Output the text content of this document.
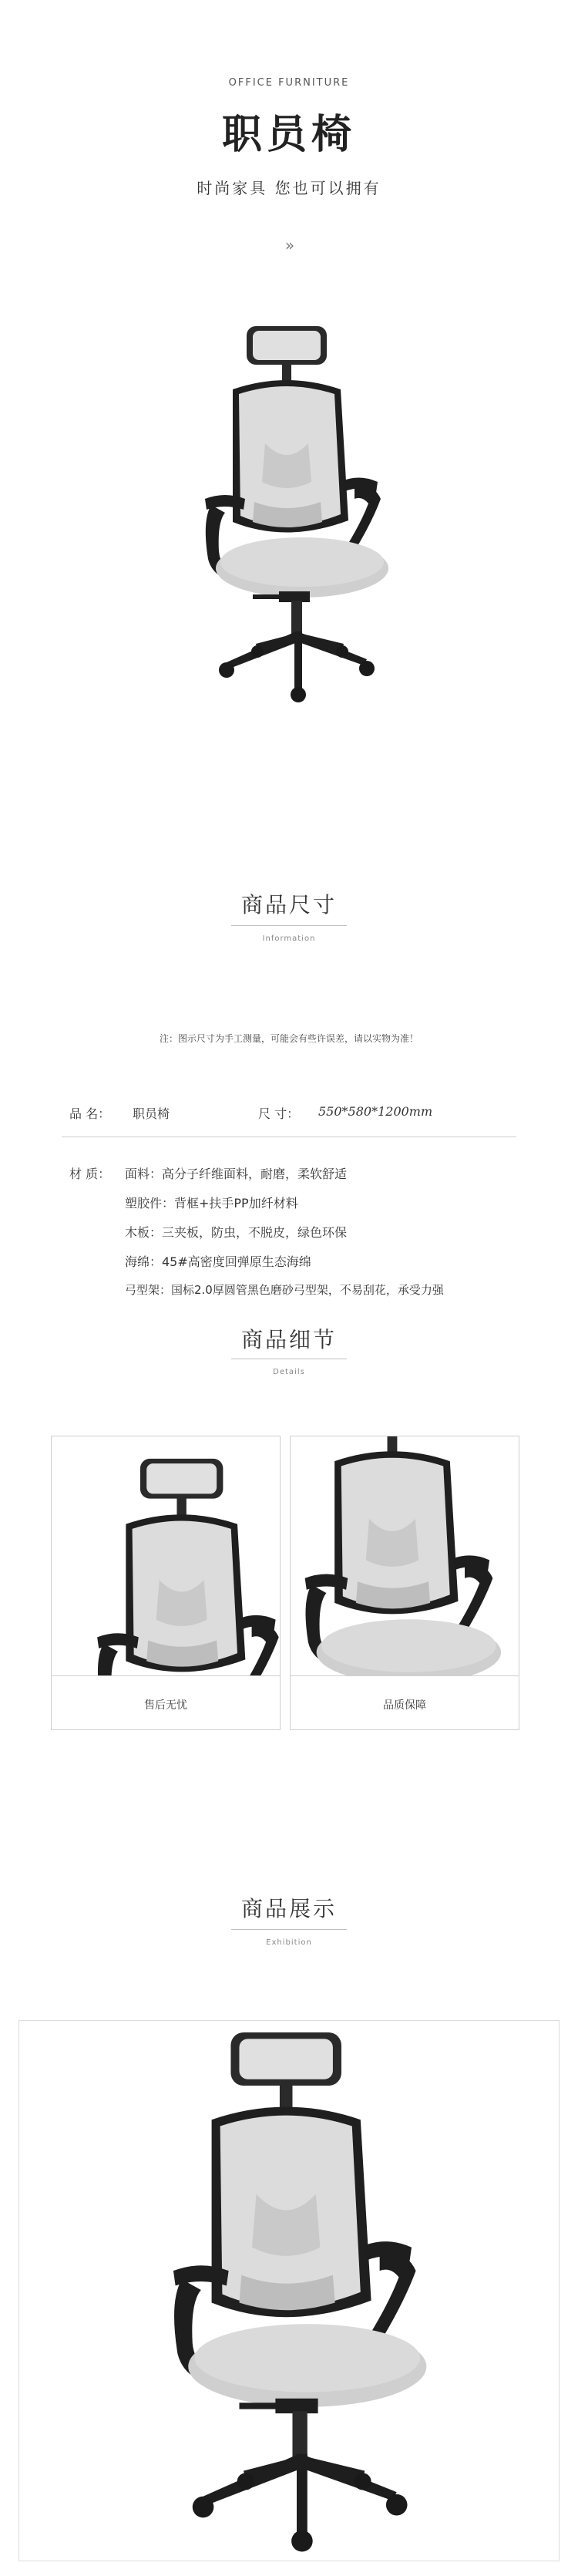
OFFICE FURNITURE
职员椅
时尚家具 您也可以拥有
»
商品尺寸
Information
注：图示尺寸为手工测量，可能会有些许误差，请以实物为准！
品 名： 职员椅	尺 寸： 550*580*1200mm
材 质： 面料：高分子纤维面料，耐磨，柔软舒适
塑胶件：背框+扶手PP加纤材料
木板：三夹板，防虫，不脱皮，绿色环保
海绵：45#高密度回弹原生态海绵
弓型架：国标2.0厚圆管黑色磨砂弓型架，不易刮花，承受力强
商品细节
Details
售后无忧	品质保障
商品展示
Exhibition
